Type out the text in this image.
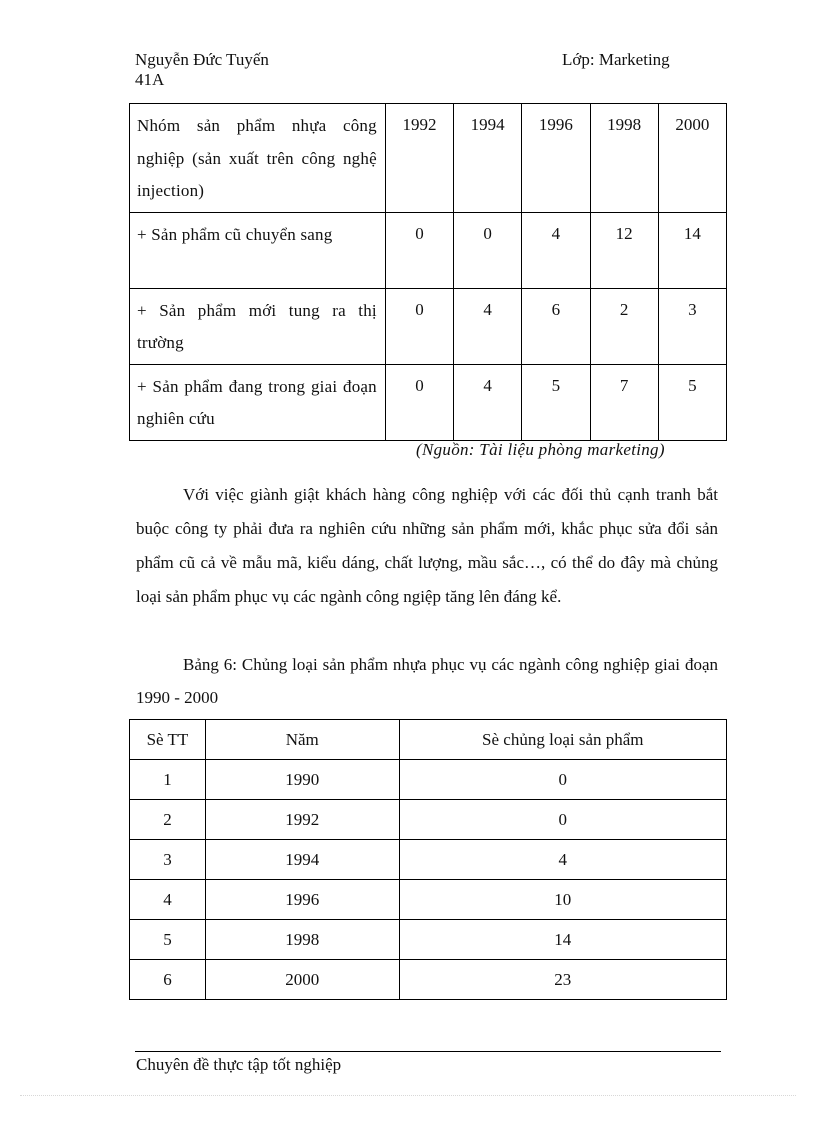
Nguyễn Đức Tuyến
41A
Lớp: Marketing
Nhóm sản phẩm nhựa công nghiệp (sản xuất trên công nghệ injection)	1992	1994	1996	1998	2000
+ Sản phẩm cũ chuyển sang	0	0	4	12	14
+ Sản phẩm mới tung ra thị trường	0	4	6	2	3
+ Sản phẩm đang trong giai đoạn nghiên cứu	0	4	5	7	5
(Nguồn: Tài liệu phòng marketing)

Với việc giành giật khách hàng công nghiệp với các đối thủ cạnh tranh bắt buộc công ty phải đưa ra nghiên cứu những sản phẩm mới, khắc phục sửa đổi sản phẩm cũ cả về mẫu mã, kiểu dáng, chất lượng, mầu sắc…, có thể do đây mà chủng loại sản phẩm phục vụ các ngành công ngiệp tăng lên đáng kể.

Bảng 6: Chủng loại sản phẩm nhựa phục vụ các ngành công nghiệp giai đoạn 1990 - 2000

Sè TT	Năm	Sè chủng loại sản phẩm
1	1990	0
2	1992	0
3	1994	4
4	1996	10
5	1998	14
6	2000	23
Chuyên đề thực tập tốt nghiệp
